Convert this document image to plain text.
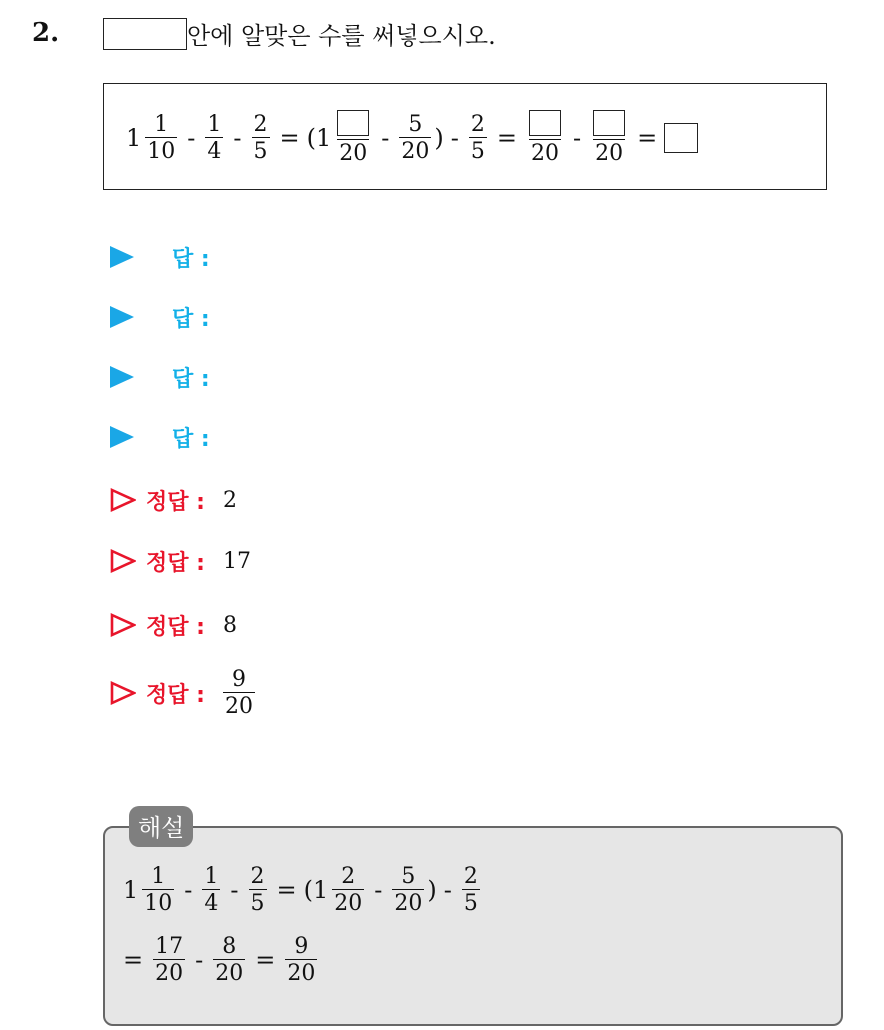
2.	안에 알맞은 수를 써넣으시오.
$1 \frac{1}{10} - \frac{1}{4} - \frac{2}{5}$ = ( 1
20
- $\frac{5}{20}$ ) - $\frac{2}{5}$ =
20
-
20
=
답 :
답 :
답 :
답 :
정답 : 2
정답 : 17
정답 : 8
정답 : $\frac{9}{20}$
$1 \frac{1}{10} - \frac{1}{4} - \frac{2}{5}$ = ( $1 \frac{2}{20} - \frac{5}{20}$ ) - $\frac{2}{5}$
= $\frac{17}{20} - \frac{8}{20} = \frac{9}{20}$
해설
